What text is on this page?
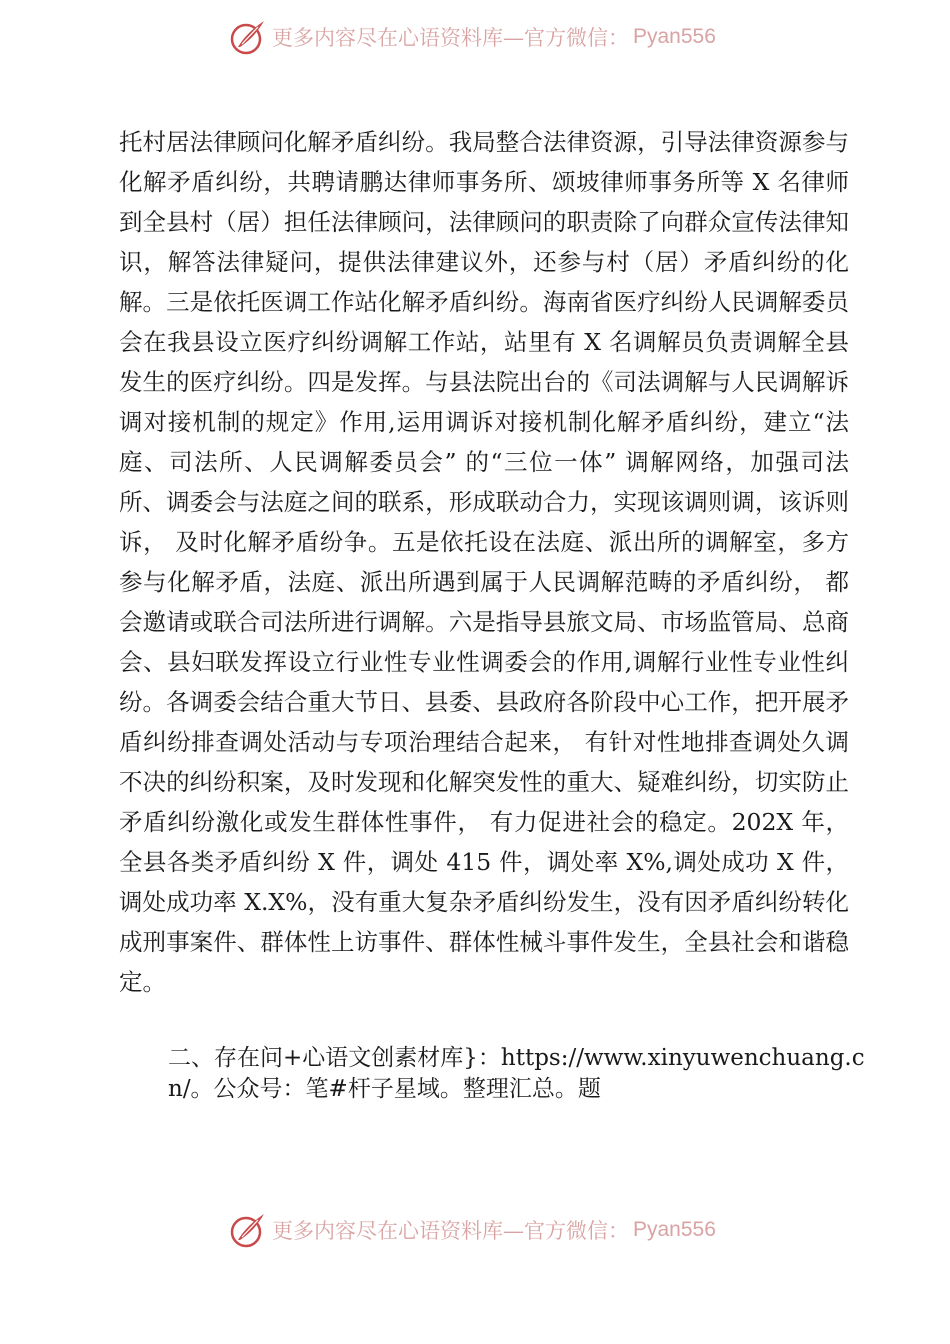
更多内容尽在心语资料库—官方微信： Pyan556

托村居法律顾问化解矛盾纠纷。我局整合法律资源，引导法律资源参与化解矛盾纠纷，共聘请鹏达律师事务所、颂坡律师事务所等 X 名律师到全县村（居）担任法律顾问，法律顾问的职责除了向群众宣传法律知识，解答法律疑问，提供法律建议外，还参与村（居）矛盾纠纷的化解。三是依托医调工作站化解矛盾纠纷。海南省医疗纠纷人民调解委员会在我县设立医疗纠纷调解工作站，站里有 X 名调解员负责调解全县发生的医疗纠纷。四是发挥。与县法院出台的《司法调解与人民调解诉调对接机制的规定》作用,运用调诉对接机制化解矛盾纠纷，建立“法庭、司法所、人民调解委员会” 的“三位一体” 调解网络，加强司法所、调委会与法庭之间的联系，形成联动合力，实现该调则调，该诉则诉， 及时化解矛盾纷争。五是依托设在法庭、派出所的调解室，多方参与化解矛盾，法庭、派出所遇到属于人民调解范畴的矛盾纠纷， 都会邀请或联合司法所进行调解。六是指导县旅文局、市场监管局、总商会、县妇联发挥设立行业性专业性调委会的作用,调解行业性专业性纠纷。各调委会结合重大节日、县委、县政府各阶段中心工作，把开展矛盾纠纷排查调处活动与专项治理结合起来， 有针对性地排查调处久调不决的纠纷积案，及时发现和化解突发性的重大、疑难纠纷，切实防止矛盾纠纷激化或发生群体性事件， 有力促进社会的稳定。202X 年，全县各类矛盾纠纷 X 件，调处 415 件，调处率 X%,调处成功 X 件，调处成功率 X.X%，没有重大复杂矛盾纠纷发生，没有因矛盾纠纷转化成刑事案件、群体性上访事件、群体性械斗事件发生，全县社会和谐稳定。

二、存在问+心语文创素材库}：https://www.xinyuwenchuang.cn/。公众号：笔#杆子星域。整理汇总。题

更多内容尽在心语资料库—官方微信： Pyan556
